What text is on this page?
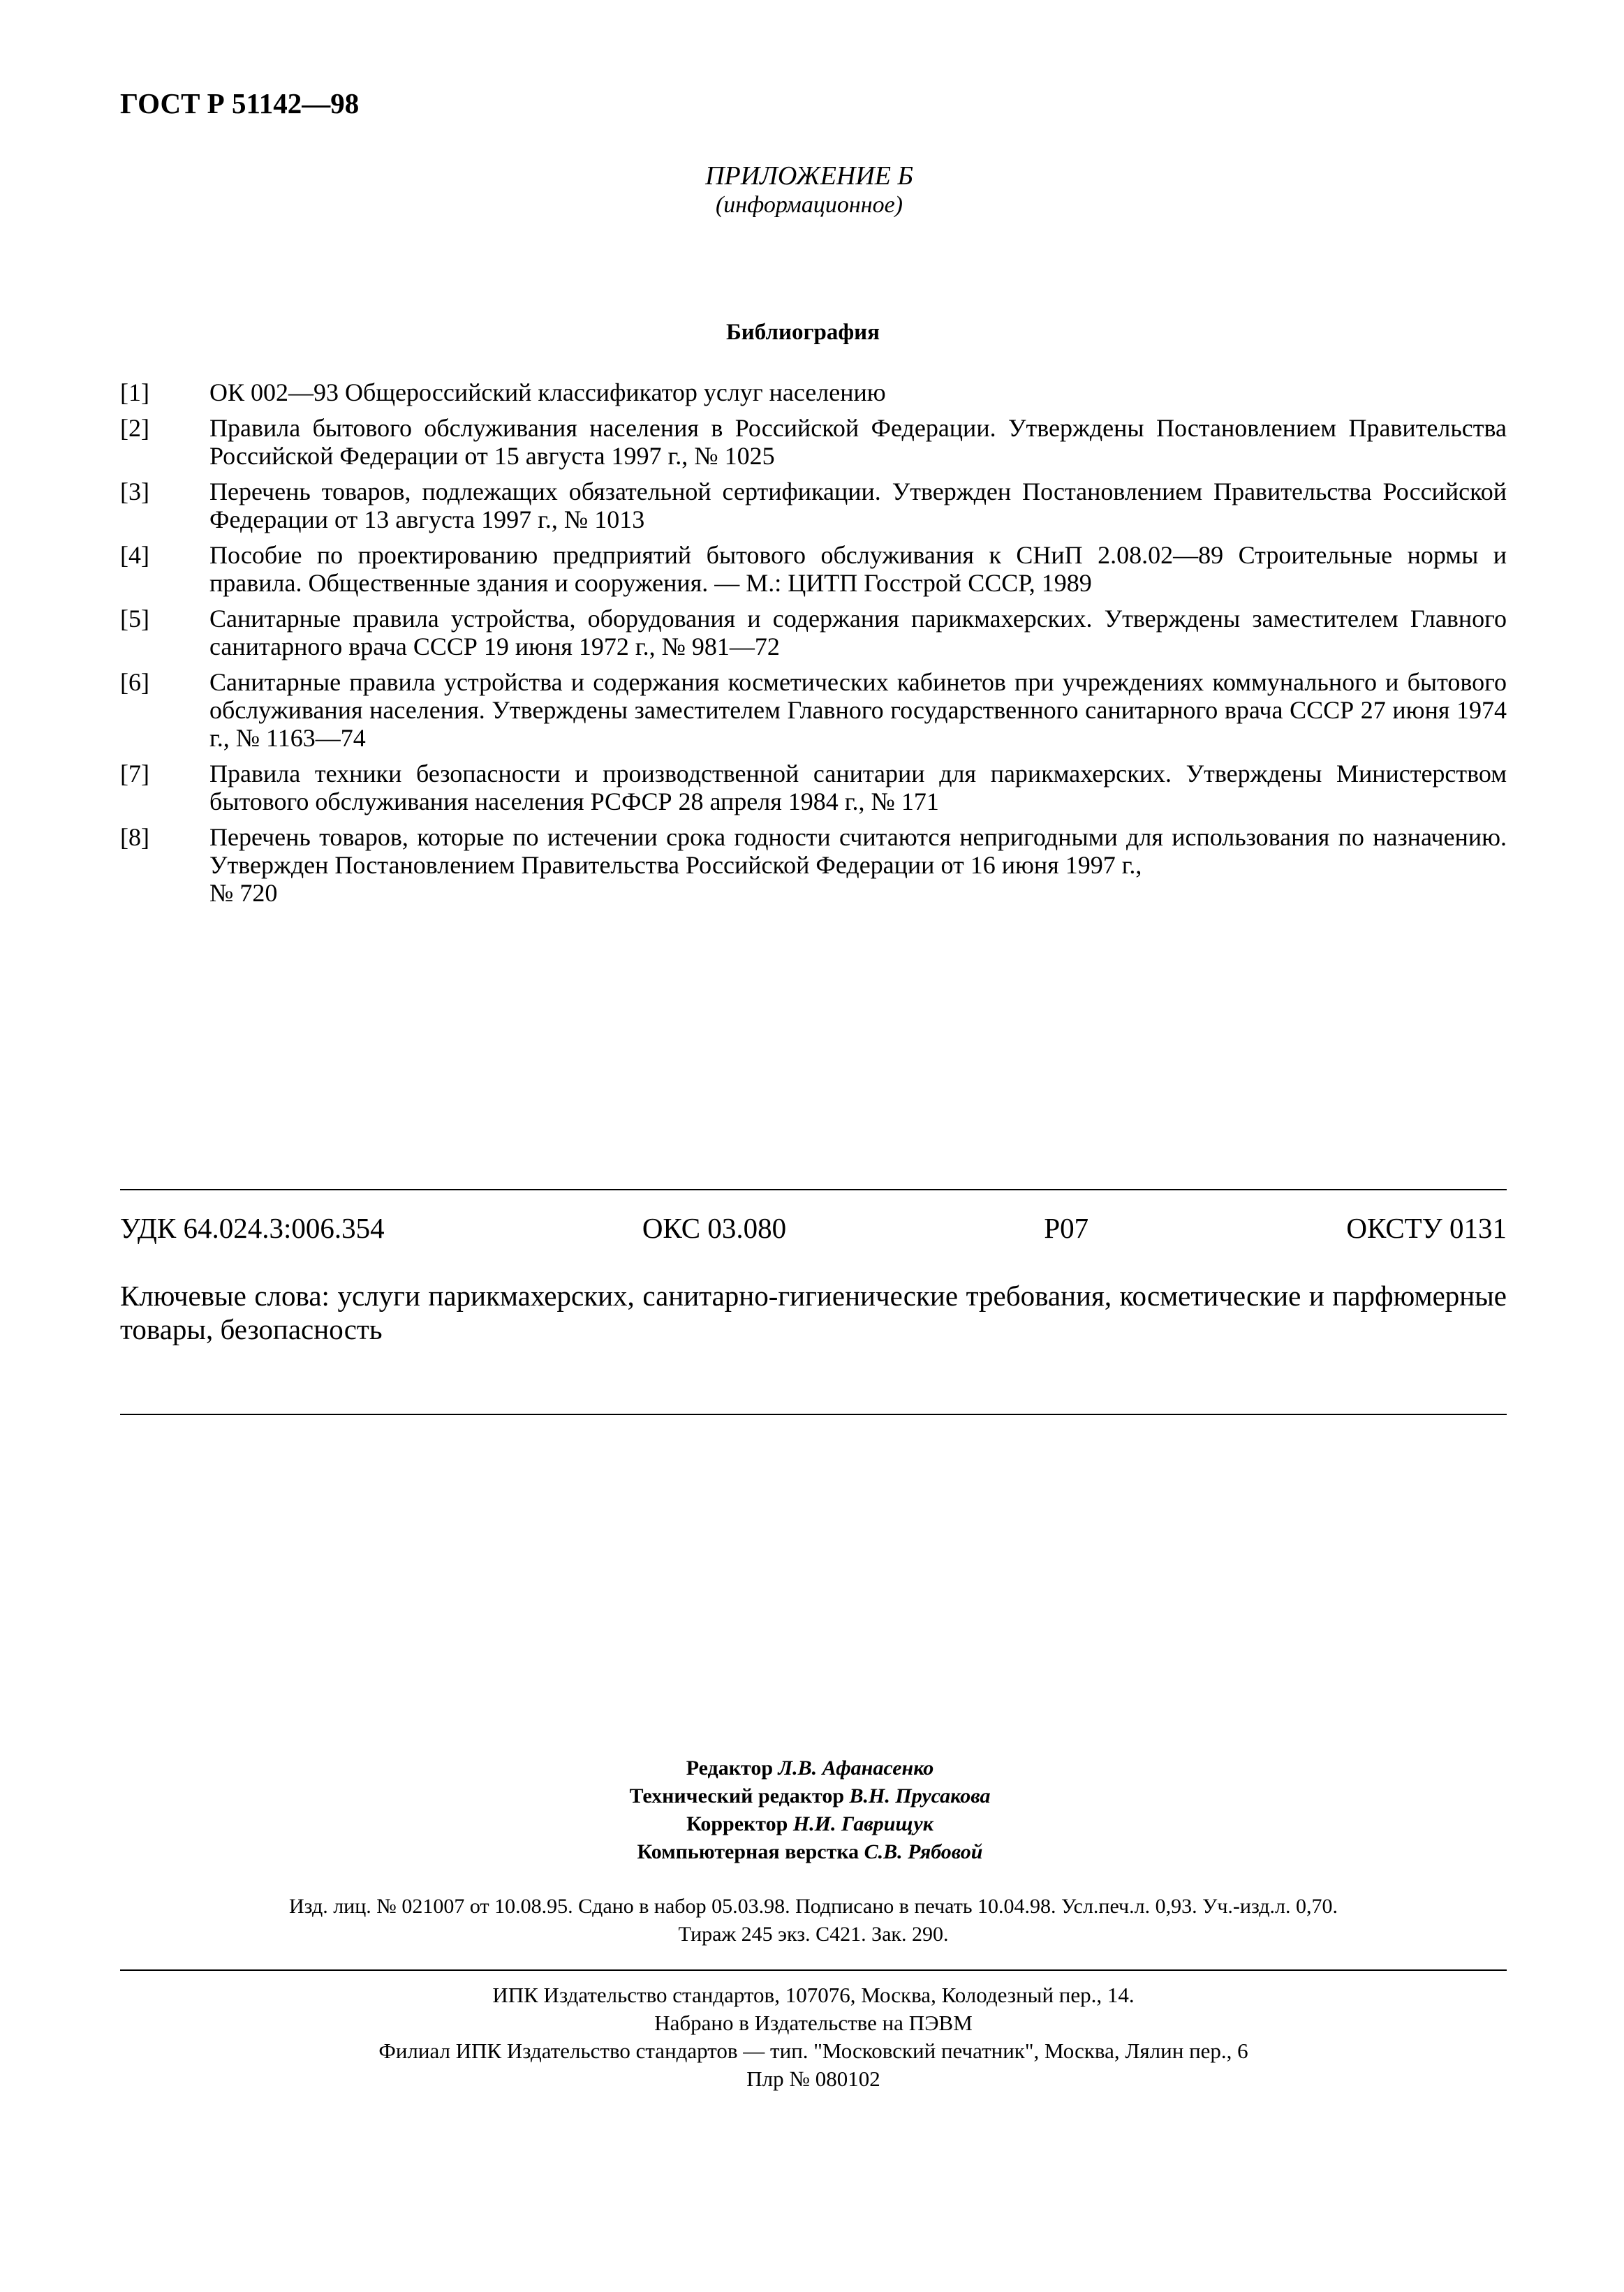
ГОСТ Р 51142—98
ПРИЛОЖЕНИЕ Б
(информационное)
Библиография
[1] ОК 002—93 Общероссийский классификатор услуг населению
[2] Правила бытового обслуживания населения в Российской Федерации. Утверждены Постановлением Правительства Российской Федерации от 15 августа 1997 г., № 1025
[3] Перечень товаров, подлежащих обязательной сертификации. Утвержден Постановлением Правительства Российской Федерации от 13 августа 1997 г., № 1013
[4] Пособие по проектированию предприятий бытового обслуживания к СНиП 2.08.02—89 Строительные нормы и правила. Общественные здания и сооружения. — М.: ЦИТП Госстрой СССР, 1989
[5] Санитарные правила устройства, оборудования и содержания парикмахерских. Утверждены заместителем Главного санитарного врача СССР 19 июня 1972 г., № 981—72
[6] Санитарные правила устройства и содержания косметических кабинетов при учреждениях коммунального и бытового обслуживания населения. Утверждены заместителем Главного государственного санитарного врача СССР 27 июня 1974 г., № 1163—74
[7] Правила техники безопасности и производственной санитарии для парикмахерских. Утверждены Министерством бытового обслуживания населения РСФСР 28 апреля 1984 г., № 171
[8] Перечень товаров, которые по истечении срока годности считаются непригодными для использования по назначению. Утвержден Постановлением Правительства Российской Федерации от 16 июня 1997 г.,
№ 720
УДК 64.024.3:006.354	ОКС 03.080	Р07	ОКСТУ 0131
Ключевые слова: услуги парикмахерских, санитарно-гигиенические требования, косметические и парфюмерные товары, безопасность
Редактор Л.В. Афанасенко
Технический редактор В.Н. Прусакова
Корректор Н.И. Гаврищук
Компьютерная верстка С.В. Рябовой
Изд. лиц. № 021007 от 10.08.95. Сдано в набор 05.03.98. Подписано в печать 10.04.98. Усл.печ.л. 0,93. Уч.-изд.л. 0,70.
Тираж 245 экз. С421. Зак. 290.
ИПК Издательство стандартов, 107076, Москва, Колодезный пер., 14.
Набрано в Издательстве на ПЭВМ
Филиал ИПК Издательство стандартов — тип. "Московский печатник", Москва, Лялин пер., 6
Плр № 080102
